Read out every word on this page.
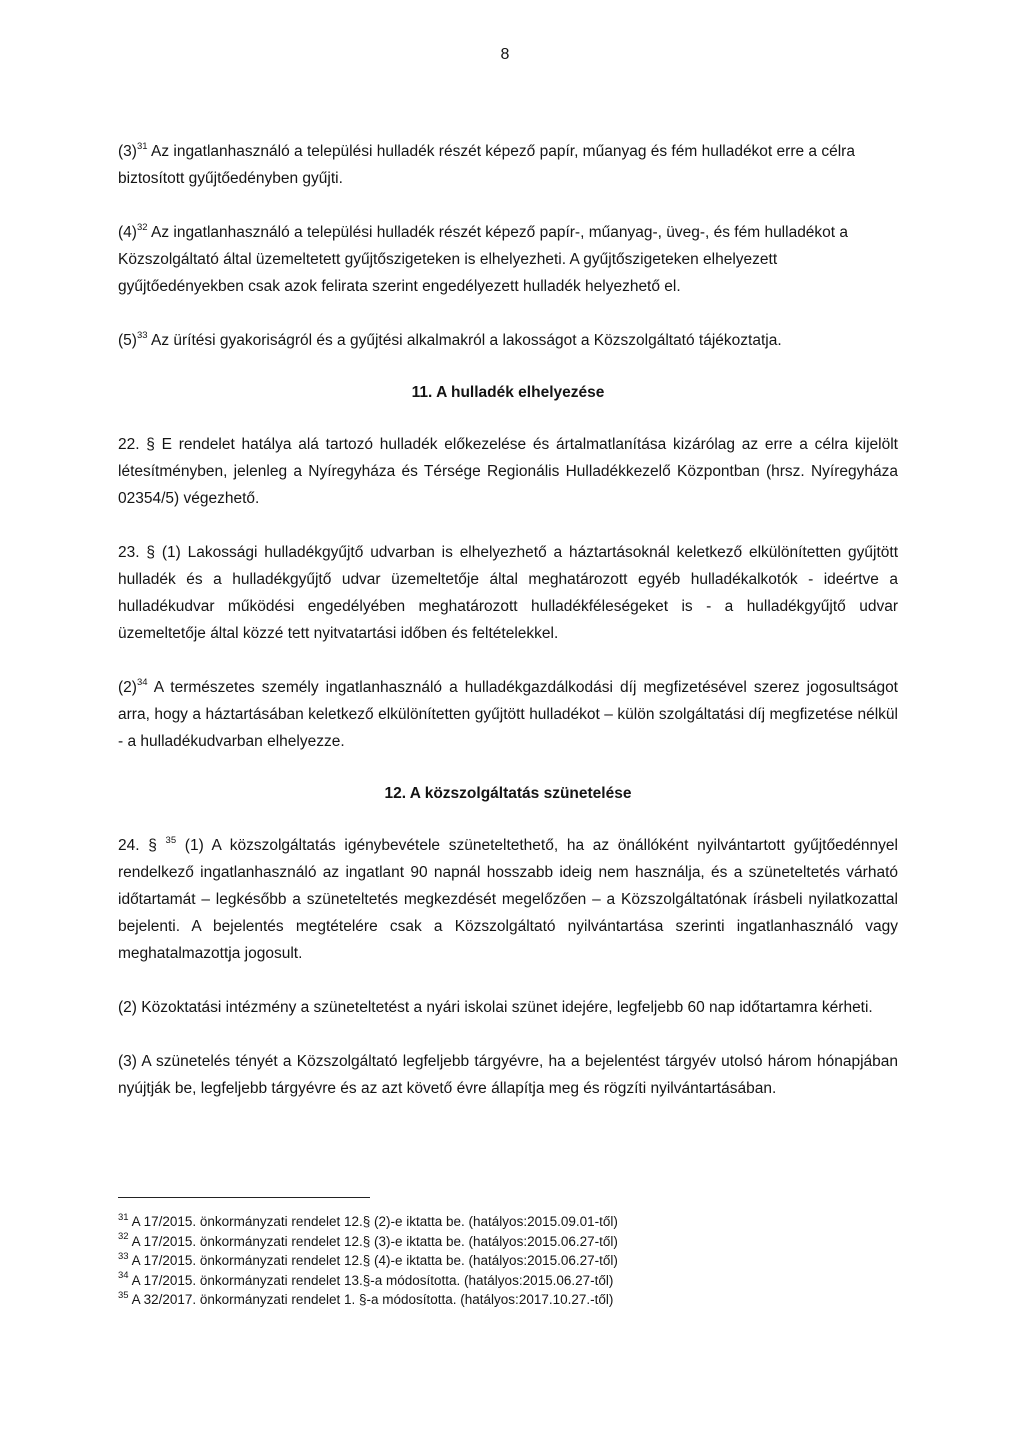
8

$(3)^{31}$ Az ingatlanhasználó a települési hulladék részét képező papír, műanyag és fém hulladékot erre a célra biztosított gyűjtőedényben gyűjti.

$(4)^{32}$ Az ingatlanhasználó a települési hulladék részét képező papír-, műanyag-, üveg-, és fém hulladékot a Közszolgáltató által üzemeltetett gyűjtőszigeteken is elhelyezheti. A gyűjtőszigeteken elhelyezett gyűjtőedényekben csak azok felirata szerint engedélyezett hulladék helyezhető el.

$(5)^{33}$ Az ürítési gyakoriságról és a gyűjtési alkalmakról a lakosságot a Közszolgáltató tájékoztatja.

11. A hulladék elhelyezése

22. § E rendelet hatálya alá tartozó hulladék előkezelése és ártalmatlanítása kizárólag az erre a célra kijelölt létesítményben, jelenleg a Nyíregyháza és Térsége Regionális Hulladékkezelő Központban (hrsz. Nyíregyháza 02354/5) végezhető.

23. § (1) Lakossági hulladékgyűjtő udvarban is elhelyezhető a háztartásoknál keletkező elkülönítetten gyűjtött hulladék és a hulladékgyűjtő udvar üzemeltetője által meghatározott egyéb hulladékalkotók - ideértve a hulladékudvar működési engedélyében meghatározott hulladékféleségeket is - a hulladékgyűjtő udvar üzemeltetője által közzé tett nyitvatartási időben és feltételekkel.

$(2)^{34}$ A természetes személy ingatlanhasználó a hulladékgazdálkodási díj megfizetésével szerez jogosultságot arra, hogy a háztartásában keletkező elkülönítetten gyűjtött hulladékot – külön szolgáltatási díj megfizetése nélkül - a hulladékudvarban elhelyezze.

12. A közszolgáltatás szünetelése

24. § $^{35}$ (1) A közszolgáltatás igénybevétele szüneteltethető, ha az önállóként nyilvántartott gyűjtőedénnyel rendelkező ingatlanhasználó az ingatlant 90 napnál hosszabb ideig nem használja, és a szüneteltetés várható időtartamát – legkésőbb a szüneteltetés megkezdését megelőzően – a Közszolgáltatónak írásbeli nyilatkozattal bejelenti. A bejelentés megtételére csak a Közszolgáltató nyilvántartása szerinti ingatlanhasználó vagy meghatalmazottja jogosult.

(2) Közoktatási intézmény a szüneteltetést a nyári iskolai szünet idejére, legfeljebb 60 nap időtartamra kérheti.

(3) A szünetelés tényét a Közszolgáltató legfeljebb tárgyévre, ha a bejelentést tárgyév utolsó három hónapjában nyújtják be, legfeljebb tárgyévre és az azt követő évre állapítja meg és rögzíti nyilvántartásában.

$^{31}$ A 17/2015. önkormányzati rendelet 12.§ (2)-e iktatta be. (hatályos:2015.09.01-től)
$^{32}$ A 17/2015. önkormányzati rendelet 12.§ (3)-e iktatta be. (hatályos:2015.06.27-től)
$^{33}$ A 17/2015. önkormányzati rendelet 12.§ (4)-e iktatta be. (hatályos:2015.06.27-től)
$^{34}$ A 17/2015. önkormányzati rendelet 13.§-a módosította. (hatályos:2015.06.27-től)
$^{35}$ A 32/2017. önkormányzati rendelet 1. §-a módosította. (hatályos:2017.10.27.-től)
